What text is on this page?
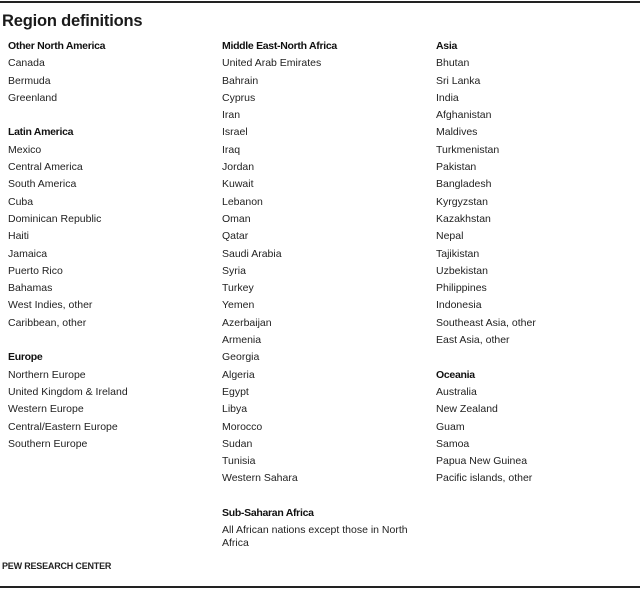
Region definitions
Other North America
Canada
Bermuda
Greenland
Latin America
Mexico
Central America
South America
Cuba
Dominican Republic
Haiti
Jamaica
Puerto Rico
Bahamas
West Indies, other
Caribbean, other
Europe
Northern Europe
United Kingdom & Ireland
Western Europe
Central/Eastern Europe
Southern Europe
Middle East-North Africa
United Arab Emirates
Bahrain
Cyprus
Iran
Israel
Iraq
Jordan
Kuwait
Lebanon
Oman
Qatar
Saudi Arabia
Syria
Turkey
Yemen
Azerbaijan
Armenia
Georgia
Algeria
Egypt
Libya
Morocco
Sudan
Tunisia
Western Sahara
Sub-Saharan Africa
All African nations except those in North Africa
Asia
Bhutan
Sri Lanka
India
Afghanistan
Maldives
Turkmenistan
Pakistan
Bangladesh
Kyrgyzstan
Kazakhstan
Nepal
Tajikistan
Uzbekistan
Philippines
Indonesia
Southeast Asia, other
East Asia, other
Oceania
Australia
New Zealand
Guam
Samoa
Papua New Guinea
Pacific islands, other
PEW RESEARCH CENTER
